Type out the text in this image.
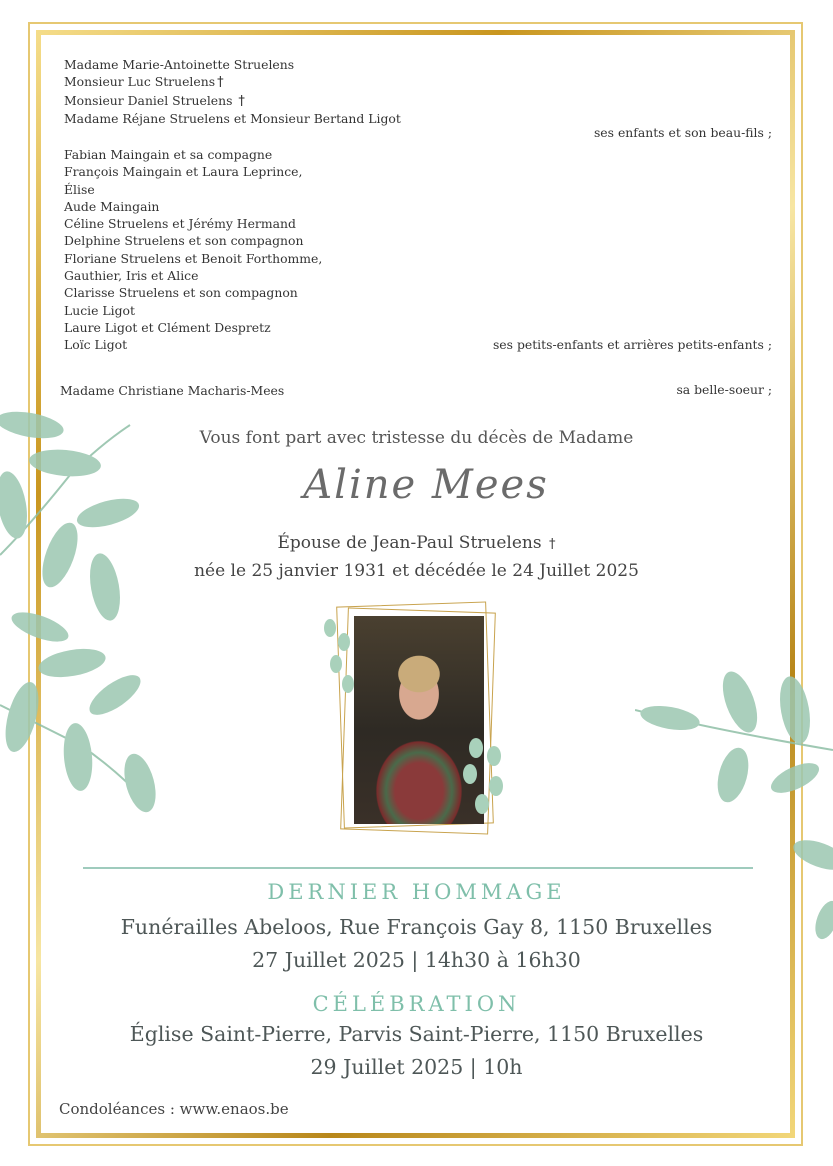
Madame Marie-Antoinette Struelens
Monsieur Luc Struelens †
Monsieur Daniel Struelens †
Madame Réjane Struelens et Monsieur Bertand Ligot
ses enfants et son beau-fils ;
Fabian Maingain et sa compagne
François Maingain et Laura Leprince,
Élise
Aude Maingain
Céline Struelens et Jérémy Hermand
Delphine Struelens et son compagnon
Floriane Struelens et Benoit Forthomme,
Gauthier, Iris et Alice
Clarisse Struelens et son compagnon
Lucie Ligot
Laure Ligot et Clément Despretz
Loïc Ligot	ses petits-enfants et arrières petits-enfants ;
Madame Christiane Macharis-Mees	sa belle-soeur ;
Vous font part avec tristesse du décès de Madame
Aline Mees
Épouse de Jean-Paul Struelens †
née le 25 janvier 1931 et décédée le 24 Juillet 2025
DERNIER HOMMAGE
Funérailles Abeloos, Rue François Gay 8, 1150 Bruxelles
27 Juillet 2025 | 14h30 à 16h30
CÉLÉBRATION
Église Saint-Pierre, Parvis Saint-Pierre, 1150 Bruxelles
29 Juillet 2025 | 10h
Condoléances : www.enaos.be
